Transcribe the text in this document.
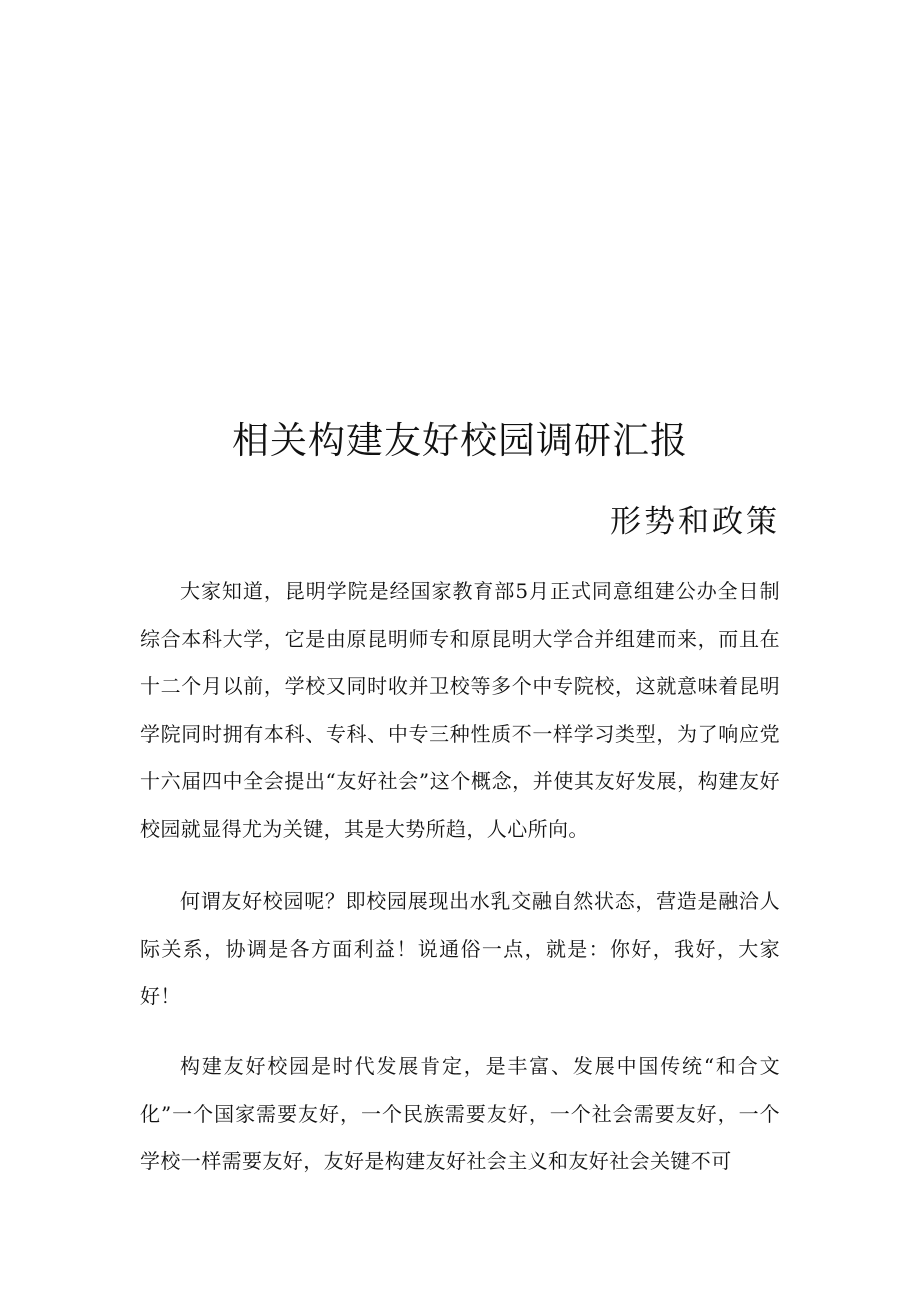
相关构建友好校园调研汇报

形势和政策

大家知道，昆明学院是经国家教育部5月正式同意组建公办全日制综合本科大学，它是由原昆明师专和原昆明大学合并组建而来，而且在十二个月以前，学校又同时收并卫校等多个中专院校，这就意味着昆明学院同时拥有本科、专科、中专三种性质不一样学习类型，为了响应党十六届四中全会提出“友好社会”这个概念，并使其友好发展，构建友好校园就显得尤为关键，其是大势所趋，人心所向。

何谓友好校园呢？即校园展现出水乳交融自然状态，营造是融洽人际关系，协调是各方面利益！说通俗一点，就是：你好，我好，大家好！

构建友好校园是时代发展肯定，是丰富、发展中国传统“和合文化”一个国家需要友好，一个民族需要友好，一个社会需要友好，一个学校一样需要友好，友好是构建友好社会主义和友好社会关键不可
